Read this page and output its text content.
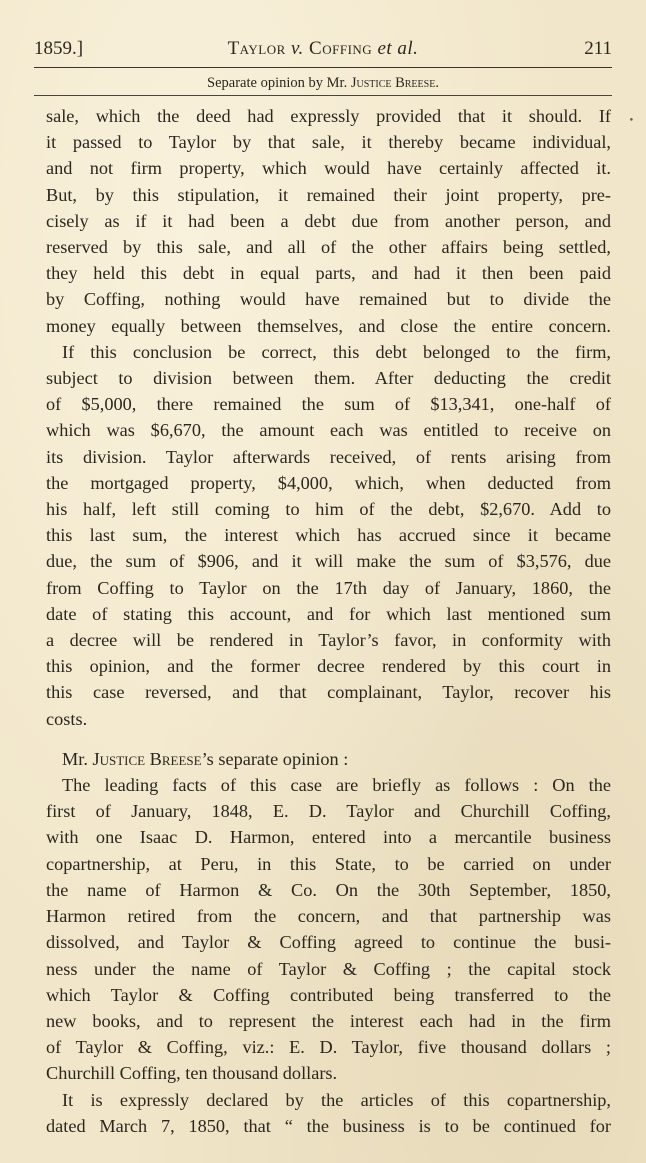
1859.]	Taylor v. Coffing et al.	211
Separate opinion by Mr. Justice Breese.
•

sale, which the deed had expressly provided that it should. If

it passed to Taylor by that sale, it thereby became individual,

and not firm property, which would have certainly affected it.

But, by this stipulation, it remained their joint property, pre-

cisely as if it had been a debt due from another person, and

reserved by this sale, and all of the other affairs being settled,

they held this debt in equal parts, and had it then been paid

by Coffing, nothing would have remained but to divide the

money equally between themselves, and close the entire concern.

If this conclusion be correct, this debt belonged to the firm,

subject to division between them. After deducting the credit

of $5,000, there remained the sum of $13,341, one-half of

which was $6,670, the amount each was entitled to receive on

its division. Taylor afterwards received, of rents arising from

the mortgaged property, $4,000, which, when deducted from

his half, left still coming to him of the debt, $2,670. Add to

this last sum, the interest which has accrued since it became

due, the sum of $906, and it will make the sum of $3,576, due

from Coffing to Taylor on the 17th day of January, 1860, the

date of stating this account, and for which last mentioned sum

a decree will be rendered in Taylor’s favor, in conformity with

this opinion, and the former decree rendered by this court in

this case reversed, and that complainant, Taylor, recover his

costs.

Mr. Justice Breese’s separate opinion :

The leading facts of this case are briefly as follows : On the

first of January, 1848, E. D. Taylor and Churchill Coffing,

with one Isaac D. Harmon, entered into a mercantile business

copartnership, at Peru, in this State, to be carried on under

the name of Harmon & Co. On the 30th September, 1850,

Harmon retired from the concern, and that partnership was

dissolved, and Taylor & Coffing agreed to continue the busi-

ness under the name of Taylor & Coffing ; the capital stock

which Taylor & Coffing contributed being transferred to the

new books, and to represent the interest each had in the firm

of Taylor & Coffing, viz.: E. D. Taylor, five thousand dollars ;

Churchill Coffing, ten thousand dollars.

It is expressly declared by the articles of this copartnership,

dated March 7, 1850, that “ the business is to be continued for
